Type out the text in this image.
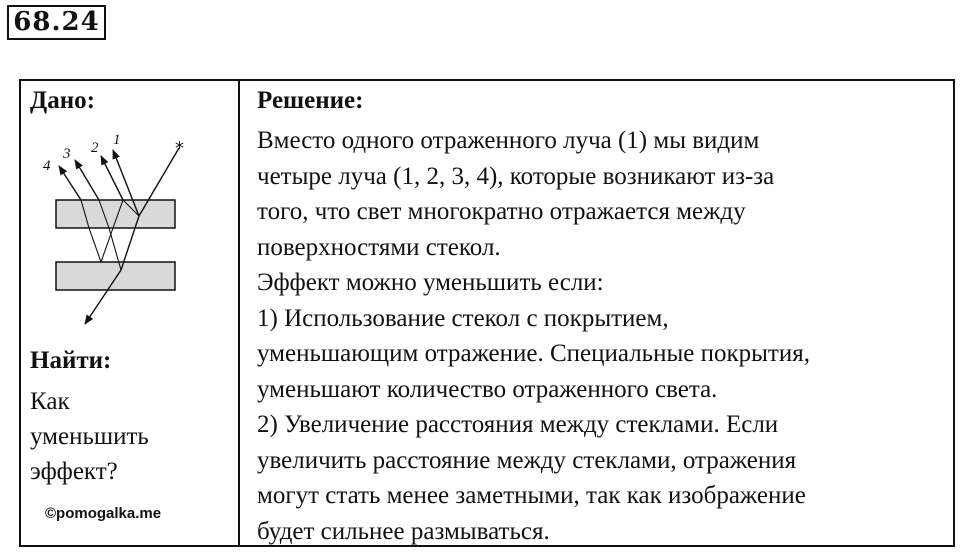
68.24
Дано:
*
1
2
3
4
Найти:
Как
уменьшить
эффект?
©pomogalka.me
Решение:
Вместо одного отраженного луча (1) мы видим
четыре луча (1, 2, 3, 4), которые возникают из-за
того, что свет многократно отражается между
поверхностями стекол.
Эффект можно уменьшить если:
1) Использование стекол с покрытием,
уменьшающим отражение. Специальные покрытия,
уменьшают количество отраженного света.
2) Увеличение расстояния между стеклами. Если
увеличить расстояние между стеклами, отражения
могут стать менее заметными, так как изображение
будет сильнее размываться.
